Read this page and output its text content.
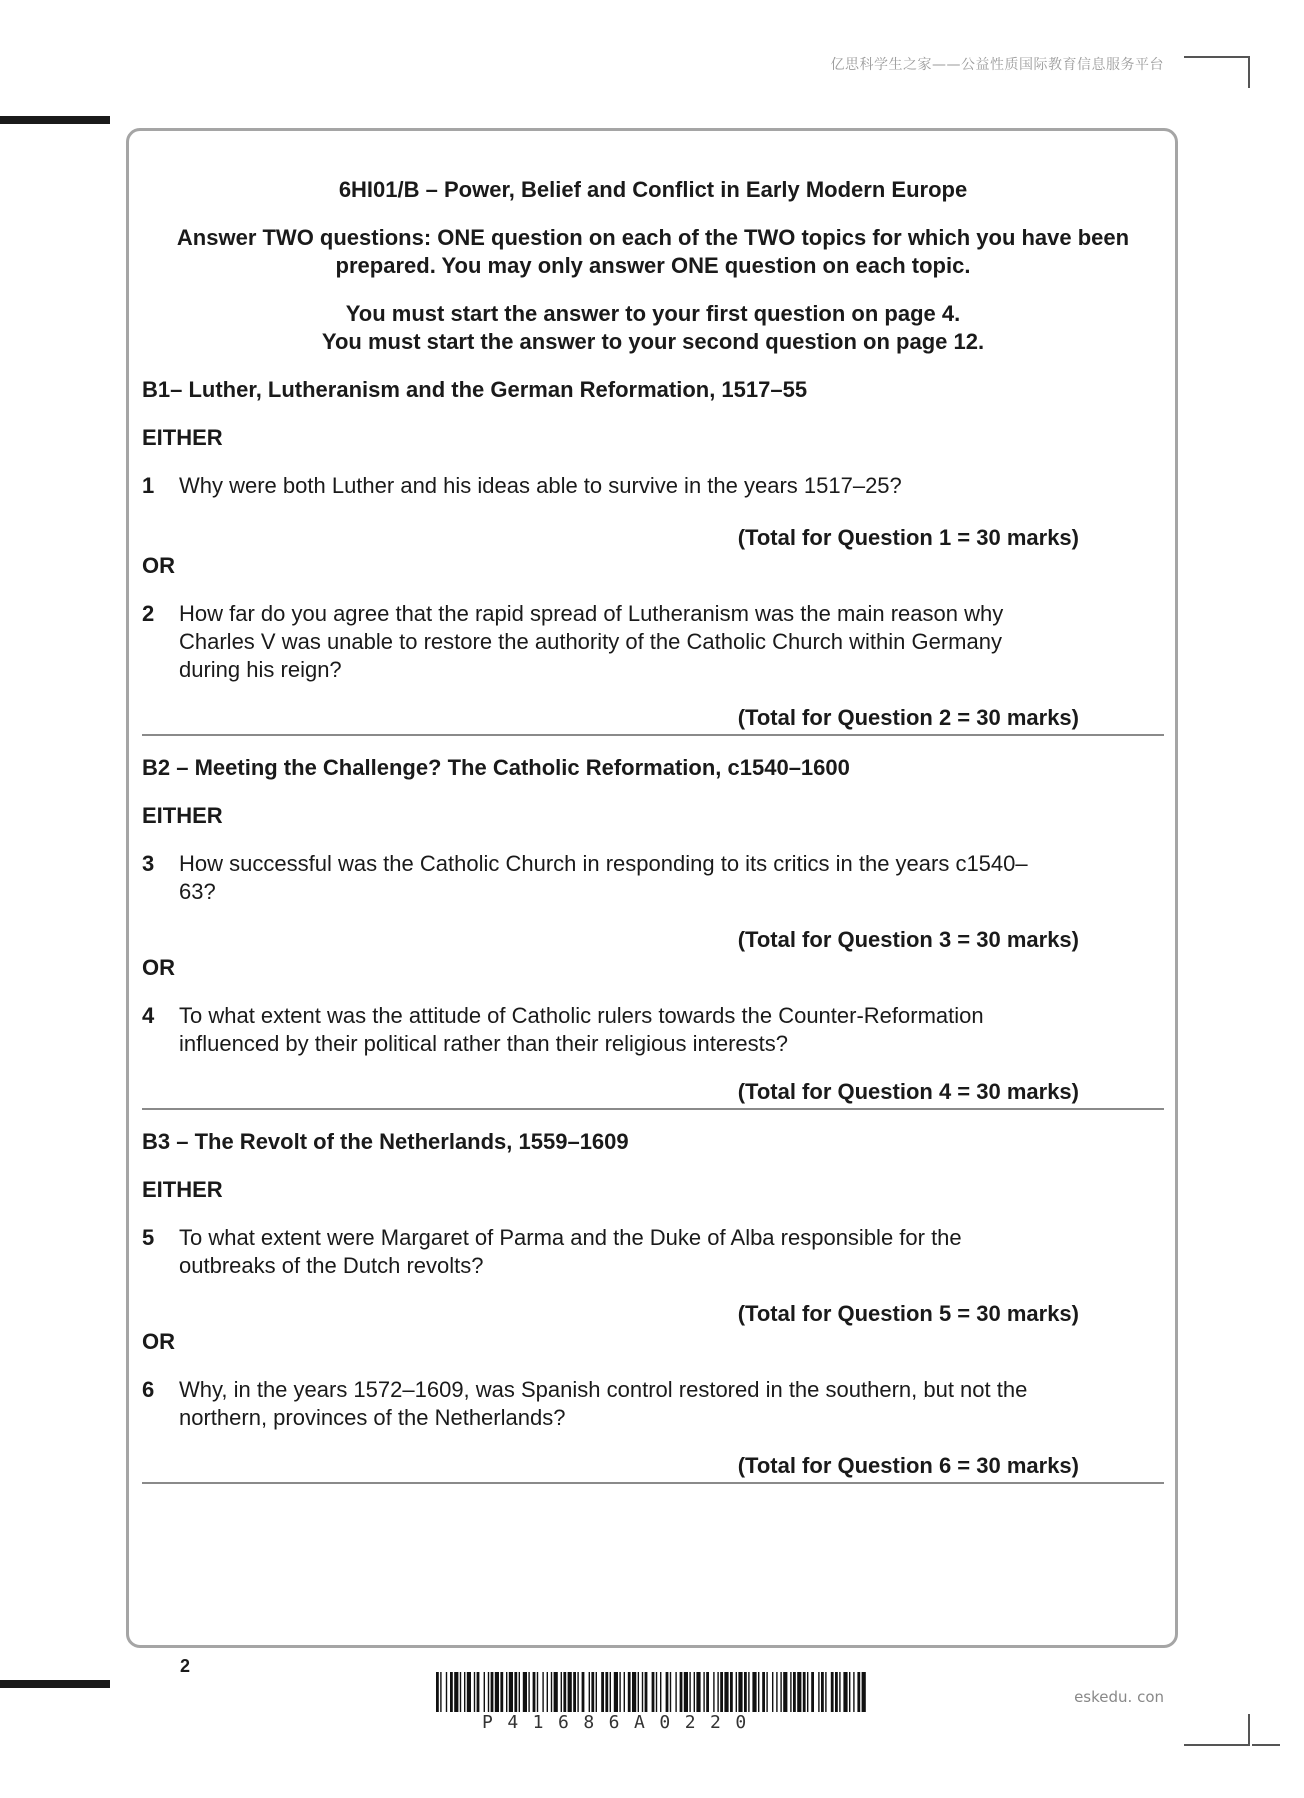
亿思科学生之家——公益性质国际教育信息服务平台

6HI01/B – Power, Belief and Conflict in Early Modern Europe

Answer TWO questions: ONE question on each of the TWO topics for which you have been prepared. You may only answer ONE question on each topic.

You must start the answer to your first question on page 4.

You must start the answer to your second question on page 12.

B1– Luther, Lutheranism and the German Reformation, 1517–55

EITHER

1	Why were both Luther and his ideas able to survive in the years 1517–25?

(Total for Question 1 = 30 marks)

OR

2	How far do you agree that the rapid spread of Lutheranism was the main reason why Charles V was unable to restore the authority of the Catholic Church within Germany during his reign?

(Total for Question 2 = 30 marks)

B2 – Meeting the Challenge? The Catholic Reformation, c1540–1600

EITHER

3	How successful was the Catholic Church in responding to its critics in the years c1540–63?

(Total for Question 3 = 30 marks)

OR

4	To what extent was the attitude of Catholic rulers towards the Counter-Reformation influenced by their political rather than their religious interests?

(Total for Question 4 = 30 marks)

B3 – The Revolt of the Netherlands, 1559–1609

EITHER

5	To what extent were Margaret of Parma and the Duke of Alba responsible for the outbreaks of the Dutch revolts?

(Total for Question 5 = 30 marks)

OR

6	Why, in the years 1572–1609, was Spanish control restored in the southern, but not the northern, provinces of the Netherlands?

(Total for Question 6 = 30 marks)

2
P41686A0220
eskedu. con
